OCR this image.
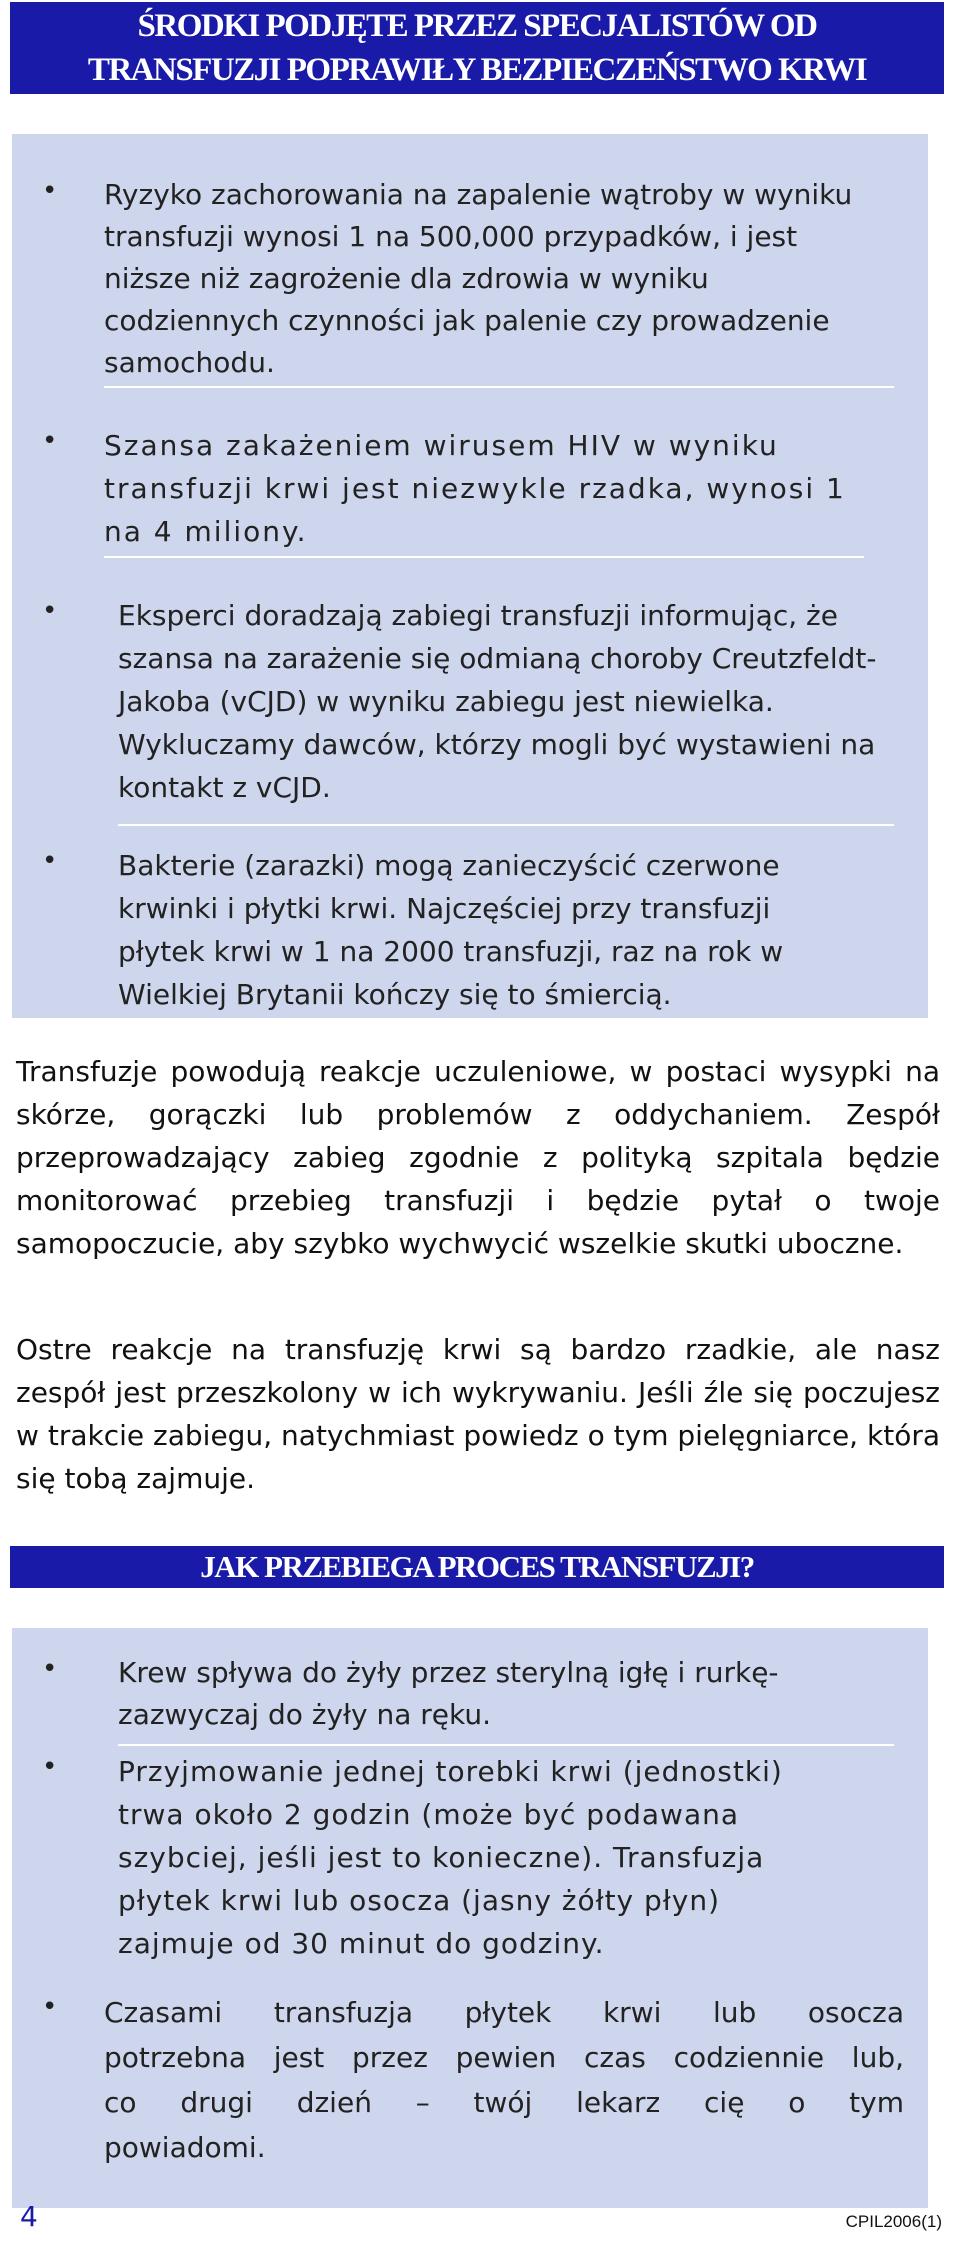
ŚRODKI PODJĘTE PRZEZ SPECJALISTÓW OD
TRANSFUZJI POPRAWIŁY BEZPIECZEŃSTWO KRWI
• Ryzyko zachorowania na zapalenie wątroby w wyniku
transfuzji wynosi 1 na 500,000 przypadków, i jest
niższe niż zagrożenie dla zdrowia w wyniku
codziennych czynności jak palenie czy prowadzenie
samochodu.
• Szansa zakażeniem wirusem HIV w wyniku
transfuzji krwi jest niezwykle rzadka, wynosi 1
na 4 miliony.
• Eksperci doradzają zabiegi transfuzji informując, że
szansa na zarażenie się odmianą choroby Creutzfeldt-
Jakoba (vCJD) w wyniku zabiegu jest niewielka.
Wykluczamy dawców, którzy mogli być wystawieni na
kontakt z vCJD.
• Bakterie (zarazki) mogą zanieczyścić czerwone
krwinki i płytki krwi. Najczęściej przy transfuzji
płytek krwi w 1 na 2000 transfuzji, raz na rok w
Wielkiej Brytanii kończy się to śmiercią.

Transfuzje powodują reakcje uczuleniowe, w postaci wysypki na skórze, gorączki lub problemów z oddychaniem. Zespół przeprowadzający zabieg zgodnie z polityką szpitala będzie monitorować przebieg transfuzji i będzie pytał o twoje samopoczucie, aby szybko wychwycić wszelkie skutki uboczne.

Ostre reakcje na transfuzję krwi są bardzo rzadkie, ale nasz zespół jest przeszkolony w ich wykrywaniu. Jeśli źle się poczujesz w trakcie zabiegu, natychmiast powiedz o tym pielęgniarce, która się tobą zajmuje.

JAK PRZEBIEGA PROCES TRANSFUZJI?
• Krew spływa do żyły przez sterylną igłę i rurkę-
zazwyczaj do żyły na ręku.
• Przyjmowanie jednej torebki krwi (jednostki)
trwa około 2 godzin (może być podawana
szybciej, jeśli jest to konieczne). Transfuzja
płytek krwi lub osocza (jasny żółty płyn)
zajmuje od 30 minut do godziny.
• Czasami transfuzja płytek krwi lub osocza
potrzebna jest przez pewien czas codziennie lub,
co drugi dzień – twój lekarz cię o tym
powiadomi.
4	CPIL2006(1)
